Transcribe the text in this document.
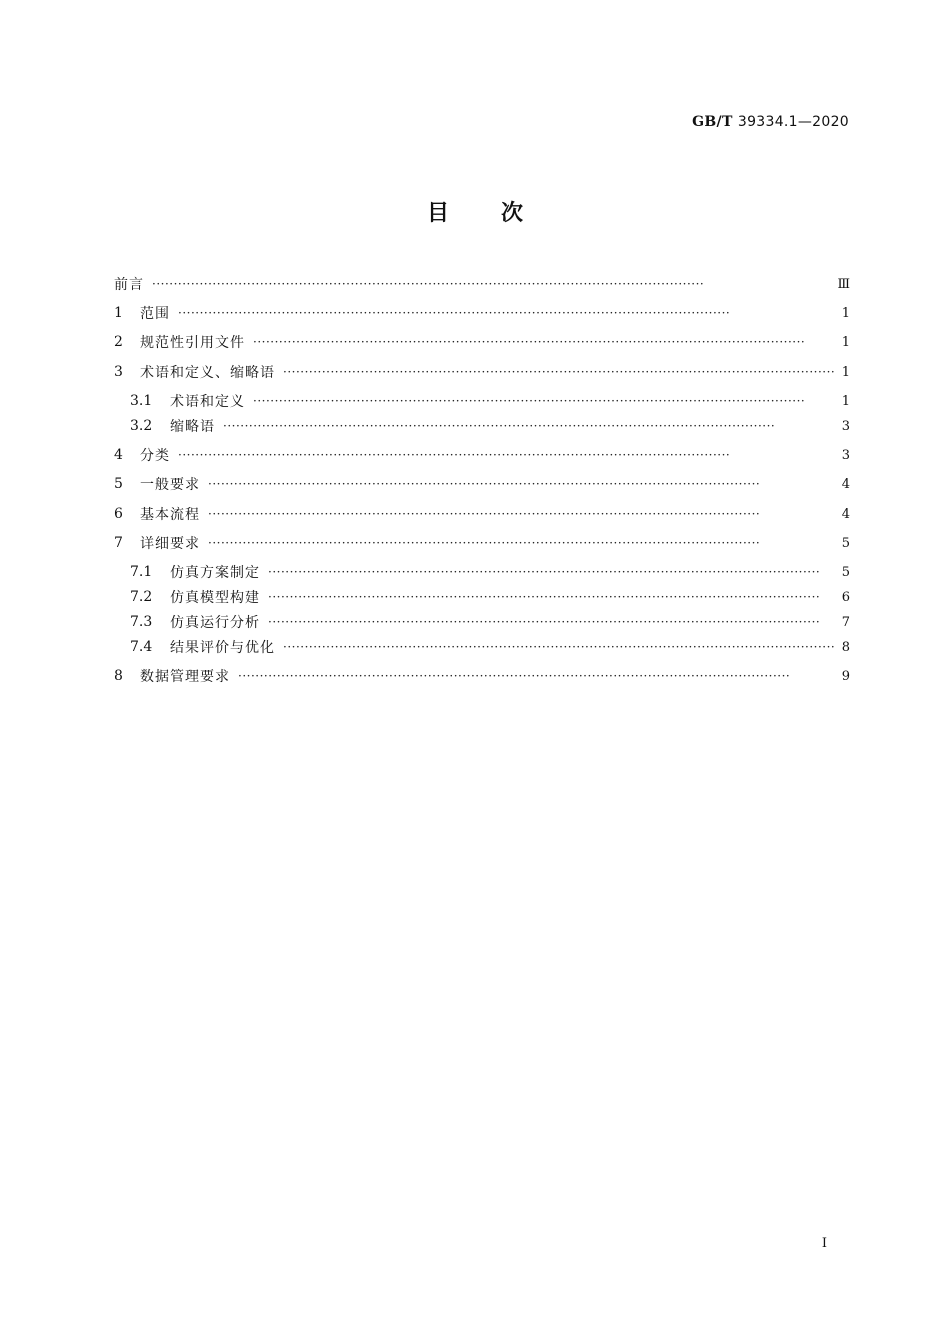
GB/T 39334.1—2020
目 次
前言 ·····	Ⅲ
1	范围 ·····	1
2	规范性引用文件 ·····	1
3	术语和定义、缩略语 ·····	1
3.1	术语和定义 ·····	1
3.2	缩略语 ·····	3
4	分类 ·····	3
5	一般要求 ·····	4
6	基本流程 ·····	4
7	详细要求 ·····	5
7.1	仿真方案制定 ·····	5
7.2	仿真模型构建 ·····	6
7.3	仿真运行分析 ·····	7
7.4	结果评价与优化 ·····	8
8	数据管理要求 ·····	9
Ⅰ
